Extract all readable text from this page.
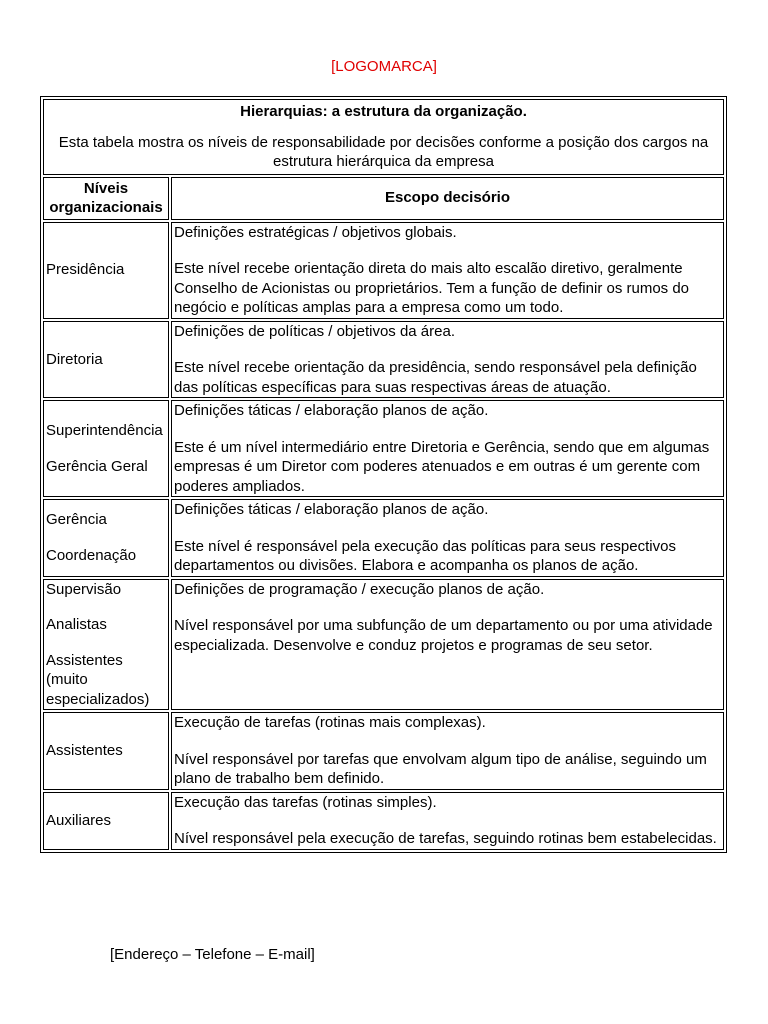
[LOGOMARCA]
Hierarquias: a estrutura da organização.
Esta tabela mostra os níveis de responsabilidade por decisões conforme a posição dos cargos na estrutura hierárquica da empresa	

Níveis organizacionais	Escopo decisório

Presidência	Definições estratégicas / objetivos globais.
Este nível recebe orientação direta do mais alto escalão diretivo, geralmente Conselho de Acionistas ou proprietários. Tem a função de definir os rumos do negócio e políticas amplas para a empresa como um todo.

Diretoria	Definições de políticas / objetivos da área.
Este nível recebe orientação da presidência, sendo responsável pela definição das políticas específicas para suas respectivas áreas de atuação.

Superintendência
Gerência Geral	Definições táticas / elaboração planos de ação.
Este é um nível intermediário entre Diretoria e Gerência, sendo que em algumas empresas é um Diretor com poderes atenuados e em outras é um gerente com poderes ampliados.

Gerência
Coordenação	Definições táticas / elaboração planos de ação.
Este nível é responsável pela execução das políticas para seus respectivos departamentos ou divisões. Elabora e acompanha os planos de ação.

Supervisão
Analistas
Assistentes (muito especializados)	Definições de programação / execução planos de ação.
Nível responsável por uma subfunção de um departamento ou por uma atividade especializada. Desenvolve e conduz projetos e programas de seu setor.

Assistentes	Execução de tarefas (rotinas mais complexas).
Nível responsável por tarefas que envolvam algum tipo de análise, seguindo um plano de trabalho bem definido.

Auxiliares	Execução das tarefas (rotinas simples).
Nível responsável pela execução de tarefas, seguindo rotinas bem estabelecidas.
[Endereço – Telefone – E-mail]
